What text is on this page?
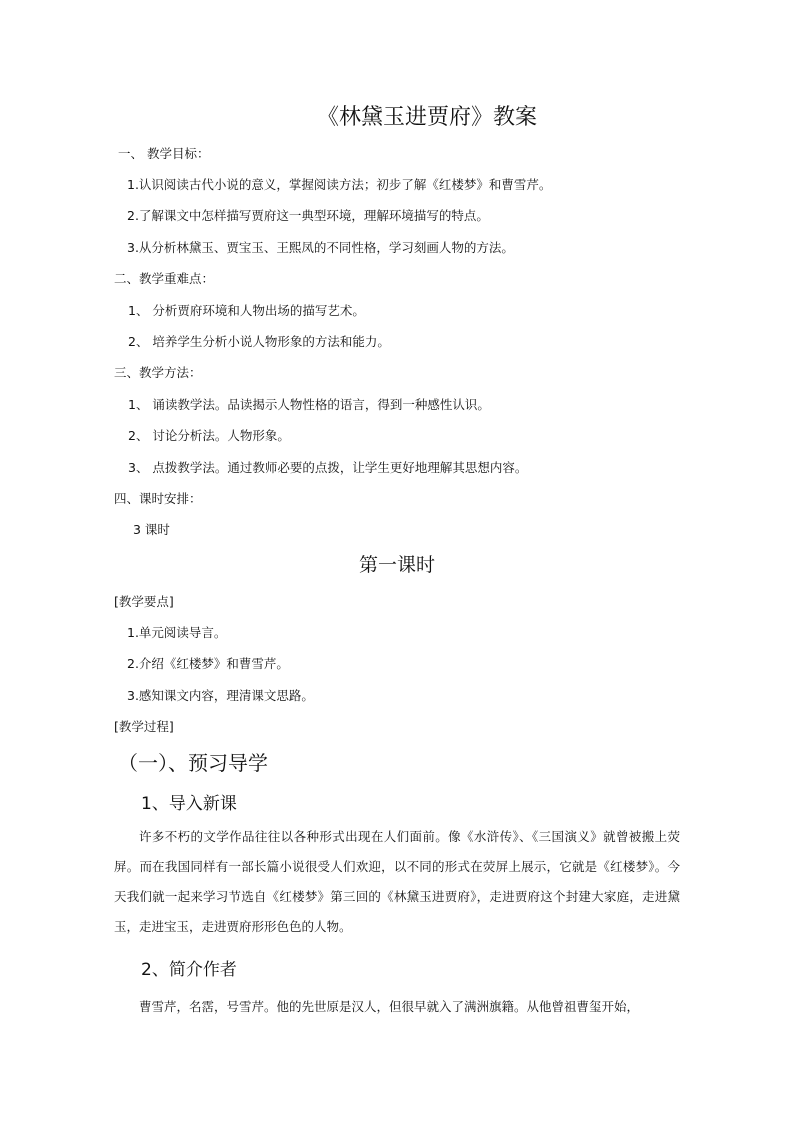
《林黛玉进贾府》教案
一、 教学目标：
1.认识阅读古代小说的意义，掌握阅读方法；初步了解《红楼梦》和曹雪芹。
2.了解课文中怎样描写贾府这一典型环境，理解环境描写的特点。
3.从分析林黛玉、贾宝玉、王熙凤的不同性格，学习刻画人物的方法。
二、教学重难点：
1、 分析贾府环境和人物出场的描写艺术。
2、 培养学生分析小说人物形象的方法和能力。
三、教学方法：
1、 诵读教学法。品读揭示人物性格的语言，得到一种感性认识。
2、 讨论分析法。人物形象。
3、 点拨教学法。通过教师必要的点拨，让学生更好地理解其思想内容。
四、课时安排：
3 课时
第一课时
[教学要点]
1.单元阅读导言。
2.介绍《红楼梦》和曹雪芹。
3.感知课文内容，理清课文思路。
[教学过程]
（一）、预习导学
1、导入新课
许多不朽的文学作品往往以各种形式出现在人们面前。像《水浒传》、《三国演义》就曾被搬上荧屏。而在我国同样有一部长篇小说很受人们欢迎，以不同的形式在荧屏上展示，它就是《红楼梦》。今天我们就一起来学习节选自《红楼梦》第三回的《林黛玉进贾府》，走进贾府这个封建大家庭，走进黛玉，走进宝玉，走进贾府形形色色的人物。
2、简介作者
曹雪芹，名霑，号雪芹。他的先世原是汉人，但很早就入了满洲旗籍。从他曾祖曹玺开始，
